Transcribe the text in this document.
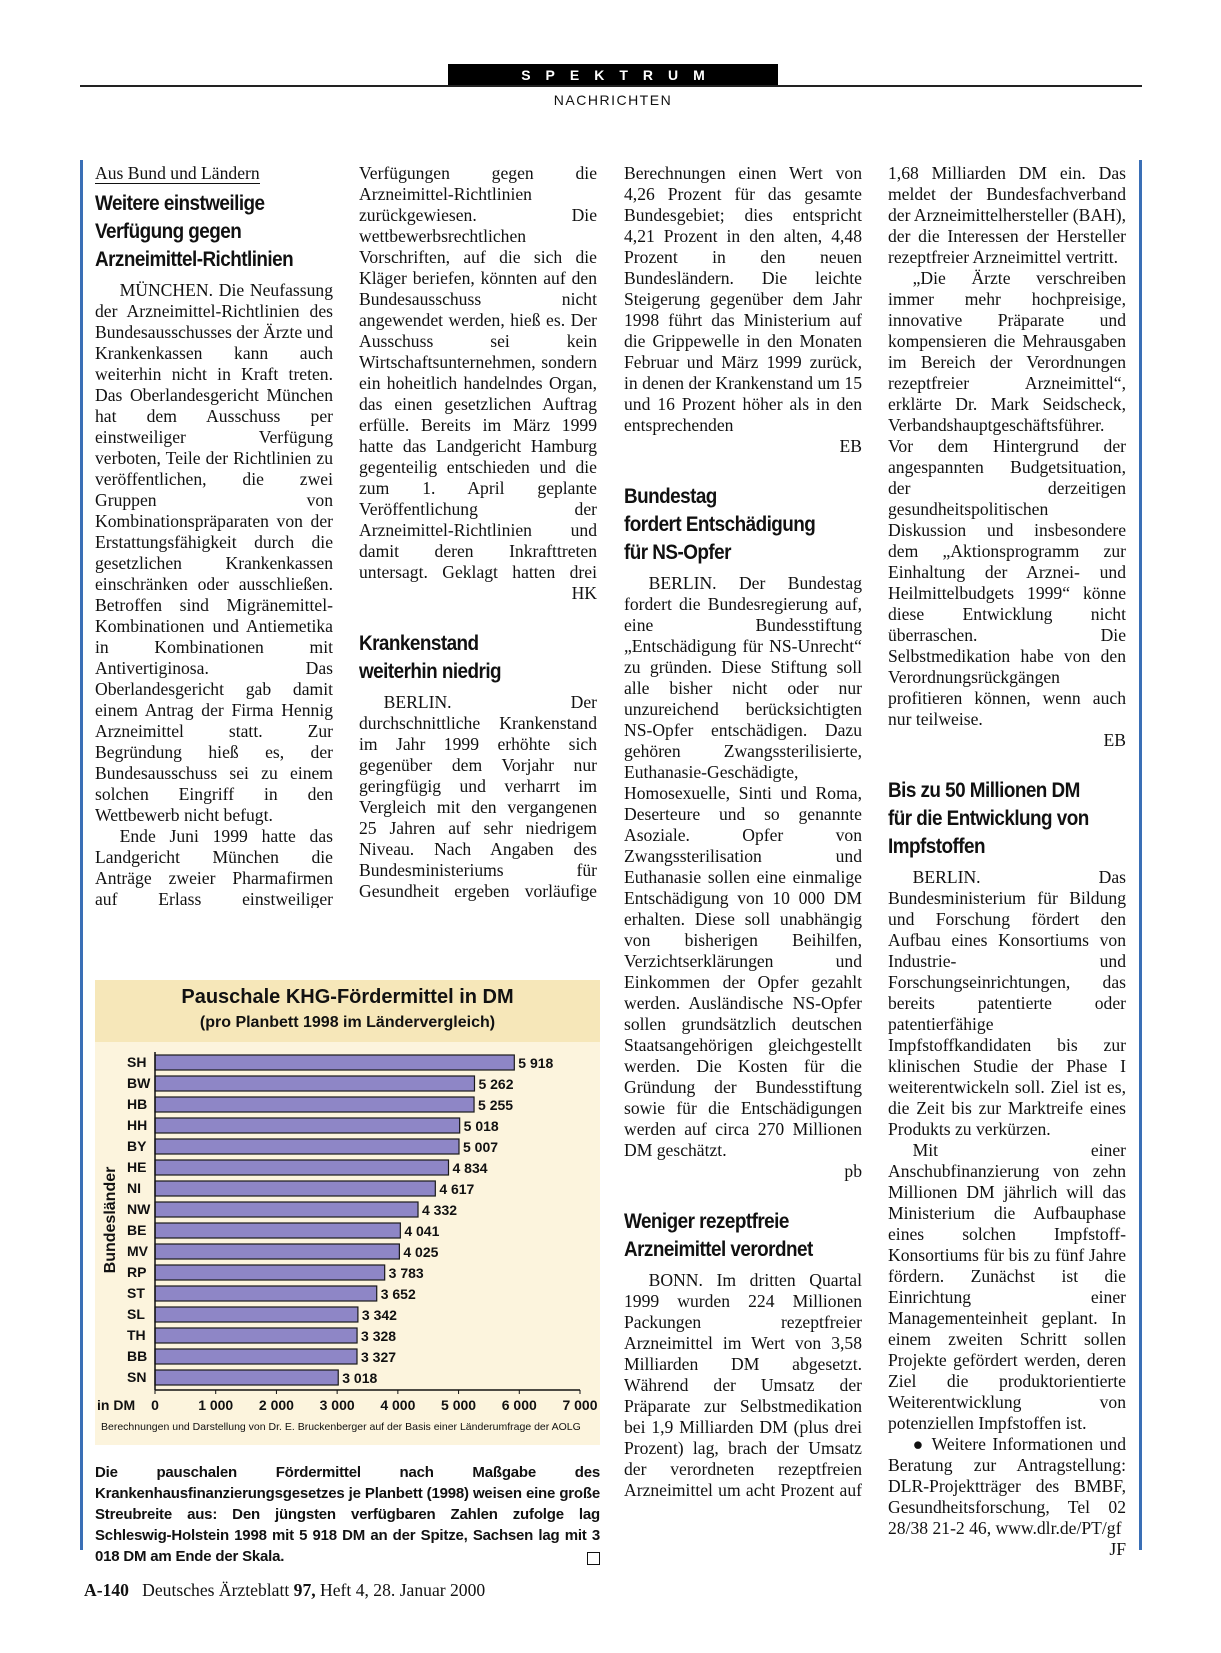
SPEKTRUM
NACHRICHTEN
Aus Bund und Ländern
Weitere einstweilige
Verfügung gegen
Arzneimittel-Richtlinien

MÜNCHEN. Die Neufassung der Arzneimittel-Richtlinien des Bundesausschusses der Ärzte und Krankenkassen kann auch weiterhin nicht in Kraft treten. Das Oberlandesgericht München hat dem Ausschuss per einstweiliger Verfügung verboten, Teile der Richtlinien zu veröffentlichen, die zwei Gruppen von Kombinationspräparaten von der Erstattungsfähigkeit durch die gesetzlichen Krankenkassen einschränken oder ausschließen. Betroffen sind Migränemittel-Kombinationen und Antiemetika in Kombinationen mit Antivertiginosa. Das Oberlandesgericht gab damit einem Antrag der Firma Hennig Arzneimittel statt. Zur Begründung hieß es, der Bundesausschuss sei zu einem solchen Eingriff in den Wettbewerb nicht befugt.

Ende Juni 1999 hatte das Landgericht München die Anträge zweier Pharmafirmen auf Erlass einstweiliger

Verfügungen gegen die Arzneimittel-Richtlinien zurückgewiesen. Die wettbewerbsrechtlichen Vorschriften, auf die sich die Kläger beriefen, könnten auf den Bundesausschuss nicht angewendet werden, hieß es. Der Ausschuss sei kein Wirtschaftsunternehmen, sondern ein hoheitlich handelndes Organ, das einen gesetzlichen Auftrag erfülle. Bereits im März 1999 hatte das Landgericht Hamburg gegenteilig entschieden und die zum 1. April geplante Veröffentlichung der Arzneimittel-Richtlinien und damit deren Inkrafttreten untersagt. Geklagt hatten drei

HK
Krankenstand
weiterhin niedrig

BERLIN. Der durchschnittliche Krankenstand im Jahr 1999 erhöhte sich gegenüber dem Vorjahr nur geringfügig und verharrt im Vergleich mit den vergangenen 25 Jahren auf sehr niedrigem Niveau. Nach Angaben des Bundesministeriums für Gesundheit ergeben vorläufige

Berechnungen einen Wert von 4,26 Prozent für das gesamte Bundesgebiet; dies entspricht 4,21 Prozent in den alten, 4,48 Prozent in den neuen Bundesländern. Die leichte Steigerung gegenüber dem Jahr 1998 führt das Ministerium auf die Grippewelle in den Monaten Februar und März 1999 zurück, in denen der Krankenstand um 15 und 16 Prozent höher als in den entsprechenden

EB
Bundestag
fordert Entschädigung
für NS-Opfer

BERLIN. Der Bundestag fordert die Bundesregierung auf, eine Bundesstiftung „Entschädigung für NS-Unrecht“ zu gründen. Diese Stiftung soll alle bisher nicht oder nur unzureichend berücksichtigten NS-Opfer entschädigen. Dazu gehören Zwangssterilisierte, Euthanasie-Geschädigte, Homosexuelle, Sinti und Roma, Deserteure und so genannte Asoziale. Opfer von Zwangssterilisation und Euthanasie sollen eine einmalige Entschädigung von 10 000 DM erhalten. Diese soll unabhängig von bisherigen Beihilfen, Verzichtserklärungen und Einkommen der Opfer gezahlt werden. Ausländische NS-Opfer sollen grundsätzlich deutschen Staatsangehörigen gleichgestellt werden. Die Kosten für die Gründung der Bundesstiftung sowie für die Entschädigungen werden auf circa 270 Millionen DM geschätzt.

pb
Weniger rezeptfreie
Arzneimittel verordnet

BONN. Im dritten Quartal 1999 wurden 224 Millionen Packungen rezeptfreier Arzneimittel im Wert von 3,58 Milliarden DM abgesetzt. Während der Umsatz der Präparate zur Selbstmedikation bei 1,9 Milliarden DM (plus drei Prozent) lag, brach der Umsatz der verordneten rezeptfreien Arzneimittel um acht Prozent auf

1,68 Milliarden DM ein. Das meldet der Bundesfachverband der Arzneimittelhersteller (BAH), der die Interessen der Hersteller rezeptfreier Arzneimittel vertritt.

„Die Ärzte verschreiben immer mehr hochpreisige, innovative Präparate und kompensieren die Mehrausgaben im Bereich der Verordnungen rezeptfreier Arzneimittel“, erklärte Dr. Mark Seidscheck, Verbandshauptgeschäftsführer. Vor dem Hintergrund der angespannten Budgetsituation, der derzeitigen gesundheitspolitischen Diskussion und insbesondere dem „Aktionsprogramm zur Einhaltung der Arznei- und Heilmittelbudgets 1999“ könne diese Entwicklung nicht überraschen. Die Selbstmedikation habe von den Verordnungsrückgängen profitieren können, wenn auch nur teilweise.

EB
Bis zu 50 Millionen DM
für die Entwicklung von
Impfstoffen

BERLIN. Das Bundesministerium für Bildung und Forschung fördert den Aufbau eines Konsortiums von Industrie- und Forschungseinrichtungen, das bereits patentierte oder patentierfähige Impfstoffkandidaten bis zur klinischen Studie der Phase I weiterentwickeln soll. Ziel ist es, die Zeit bis zur Marktreife eines Produkts zu verkürzen.

Mit einer Anschubfinanzierung von zehn Millionen DM jährlich will das Ministerium die Aufbauphase eines solchen Impfstoff-Konsortiums für bis zu fünf Jahre fördern. Zunächst ist die Einrichtung einer Managementeinheit geplant. In einem zweiten Schritt sollen Projekte gefördert werden, deren Ziel die produktorientierte Weiterentwicklung von potenziellen Impfstoffen ist.

● Weitere Informationen und Beratung zur Antragstellung: DLR-Projektträger des BMBF, Gesundheitsforschung, Tel 02 28/38 21-2 46, www.dlr.de/PT/gf

JF
Pauschale KHG-Fördermittel in DM
(pro Planbett 1998 im Ländervergleich)
SH	5 918
BW	5 262
HB	5 255
HH	5 018
BY	5 007
HE	4 834
NI	4 617
NW	4 332
BE	4 041
MV	4 025
RP	3 783
ST	3 652
SL	3 342
TH	3 328
BB	3 327
SN	3 018
0	1 000 2 000 3 000 4 000 5 000 6 000 7 000
in DM
Bundesländer
Berechnungen und Darstellung von Dr. E. Bruckenberger auf der Basis einer Länderumfrage der AOLG
Die pauschalen Fördermittel nach Maßgabe des Krankenhausfinanzierungsgesetzes je Planbett (1998) weisen eine große Streubreite aus: Den jüngsten verfügbaren Zahlen zufolge lag Schleswig-Holstein 1998 mit 5 918 DM an der Spitze, Sachsen lag mit 3 018 DM am Ende der Skala.
A-140 Deutsches Ärzteblatt 97, Heft 4, 28. Januar 2000
